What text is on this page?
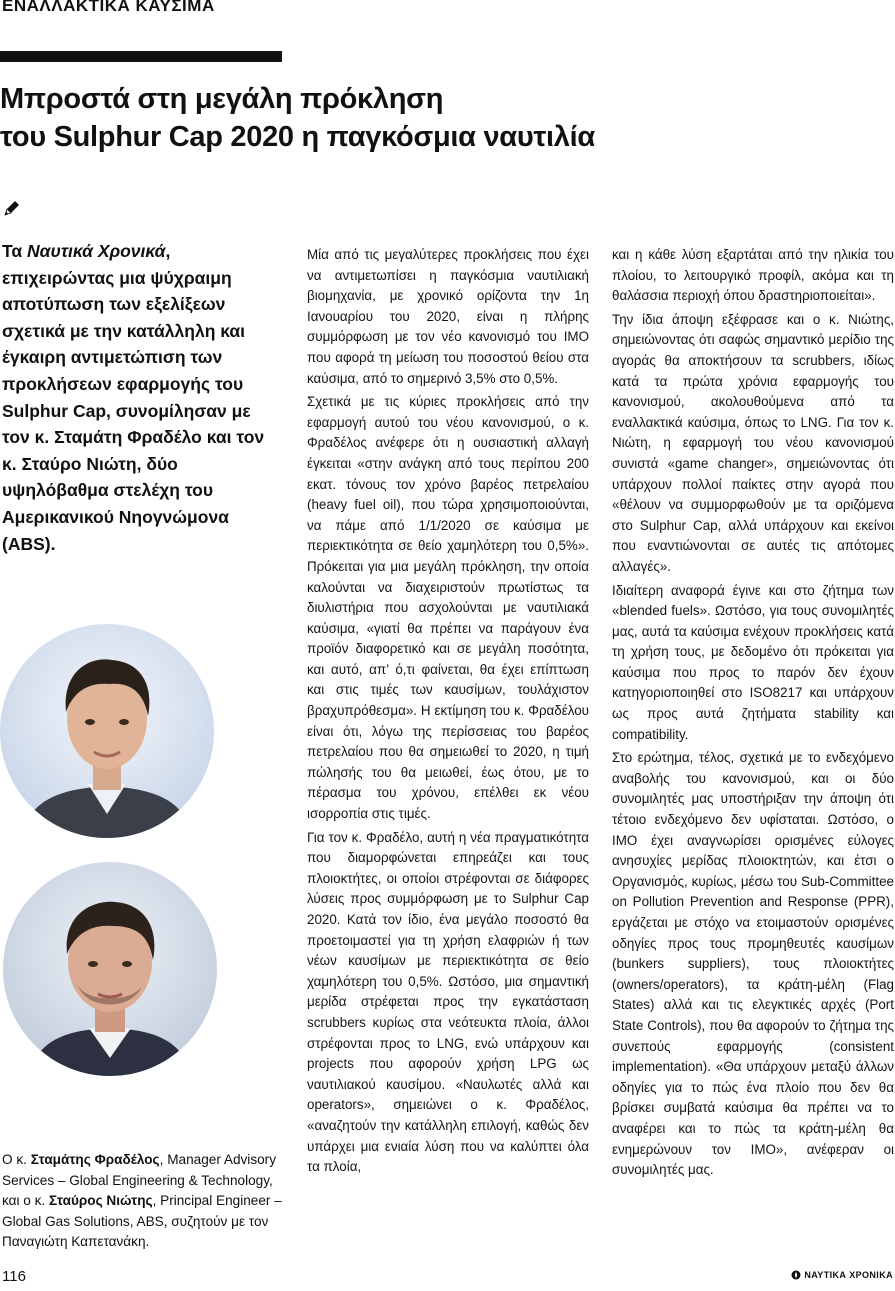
ΕΝΑΛΛΑΚΤΙΚΑ ΚΑΥΣΙΜΑ
Μπροστά στη μεγάλη πρόκληση
του Sulphur Cap 2020 η παγκόσμια ναυτιλία
Τα Ναυτικά Χρονικά, επιχειρώντας μια ψύχραιμη αποτύπωση των εξελίξεων σχετικά με την κατάλληλη και έγκαιρη αντιμετώπιση των προκλήσεων εφαρμογής του Sulphur Cap, συνομίλησαν με τον κ. Σταμάτη Φραδέλο και τον κ. Σταύρο Νιώτη, δύο υψηλόβαθμα στελέχη του Αμερικανικού Νηογνώμονα (ABS).
Ο κ. Σταμάτης Φραδέλος, Manager Advisory Services – Global Engineering & Technology, και ο κ. Σταύρος Νιώτης, Principal Engineer – Global Gas Solutions, ABS, συζητούν με τον Παναγιώτη Καπετανάκη.

Μία από τις μεγαλύτερες προκλήσεις που έχει να αντιμετωπίσει η παγκόσμια ναυτιλιακή βιομηχανία, με χρονικό ορίζοντα την 1η Ιανουαρίου του 2020, είναι η πλήρης συμμόρφωση με τον νέο κανονισμό του ΙΜΟ που αφορά τη μείωση του ποσοστού θείου στα καύσιμα, από το σημερινό 3,5% στο 0,5%.

Σχετικά με τις κύριες προκλήσεις από την εφαρμογή αυτού του νέου κανονισμού, ο κ. Φραδέλος ανέφερε ότι η ουσιαστική αλλαγή έγκειται «στην ανάγκη από τους περίπου 200 εκατ. τόνους τον χρόνο βαρέος πετρελαίου (heavy fuel oil), που τώρα χρησιμοποιούνται, να πάμε από 1/1/2020 σε καύσιμα με περιεκτικότητα σε θείο χαμηλότερη του 0,5%». Πρόκειται για μια μεγάλη πρόκληση, την οποία καλούνται να διαχειριστούν πρωτίστως τα διυλιστήρια που ασχολούνται με ναυτιλιακά καύσιμα, «γιατί θα πρέπει να παράγουν ένα προϊόν διαφορετικό και σε μεγάλη ποσότητα, και αυτό, απ’ ό,τι φαίνεται, θα έχει επίπτωση και στις τιμές των καυσίμων, τουλάχιστον βραχυπρόθεσμα». Η εκτίμηση του κ. Φραδέλου είναι ότι, λόγω της περίσσειας του βαρέος πετρελαίου που θα σημειωθεί το 2020, η τιμή πώλησής του θα μειωθεί, έως ότου, με το πέρασμα του χρόνου, επέλθει εκ νέου ισορροπία στις τιμές.

Για τον κ. Φραδέλο, αυτή η νέα πραγματικότητα που διαμορφώνεται επηρεάζει και τους πλοιοκτήτες, οι οποίοι στρέφονται σε διάφορες λύσεις προς συμμόρφωση με το Sulphur Cap 2020. Κατά τον ίδιο, ένα μεγάλο ποσοστό θα προετοιμαστεί για τη χρήση ελαφριών ή των νέων καυσίμων με περιεκτικότητα σε θείο χαμηλότερη του 0,5%. Ωστόσο, μια σημαντική μερίδα στρέφεται προς την εγκατάσταση scrubbers κυρίως στα νεότευκτα πλοία, άλλοι στρέφονται προς το LNG, ενώ υπάρχουν και projects που αφορούν χρήση LPG ως ναυτιλιακού καυσίμου. «Ναυλωτές αλλά και operators», σημειώνει ο κ. Φραδέλος, «αναζητούν την κατάλληλη επιλογή, καθώς δεν υπάρχει μια ενιαία λύση που να καλύπτει όλα τα πλοία,

και η κάθε λύση εξαρτάται από την ηλικία του πλοίου, το λειτουργικό προφίλ, ακόμα και τη θαλάσσια περιοχή όπου δραστηριοποιείται».

Την ίδια άποψη εξέφρασε και ο κ. Νιώτης, σημειώνοντας ότι σαφώς σημαντικό μερίδιο της αγοράς θα αποκτήσουν τα scrubbers, ιδίως κατά τα πρώτα χρόνια εφαρμογής του κανονισμού, ακολουθούμενα από τα εναλλακτικά καύσιμα, όπως το LNG. Για τον κ. Νιώτη, η εφαρμογή του νέου κανονισμού συνιστά «game changer», σημειώνοντας ότι υπάρχουν πολλοί παίκτες στην αγορά που «θέλουν να συμμορφωθούν με τα οριζόμενα στο Sulphur Cap, αλλά υπάρχουν και εκείνοι που εναντιώνονται σε αυτές τις απότομες αλλαγές».

Ιδιαίτερη αναφορά έγινε και στο ζήτημα των «blended fuels». Ωστόσο, για τους συνομιλητές μας, αυτά τα καύσιμα ενέχουν προκλήσεις κατά τη χρήση τους, με δεδομένο ότι πρόκειται για καύσιμα που προς το παρόν δεν έχουν κατηγοριοποιηθεί στο ISO8217 και υπάρχουν ως προς αυτά ζητήματα stability και compatibility.

Στο ερώτημα, τέλος, σχετικά με το ενδεχόμενο αναβολής του κανονισμού, και οι δύο συνομιλητές μας υποστήριξαν την άποψη ότι τέτοιο ενδεχόμενο δεν υφίσταται. Ωστόσο, ο ΙΜΟ έχει αναγνωρίσει ορισμένες εύλογες ανησυχίες μερίδας πλοιοκτητών, και έτσι ο Οργανισμός, κυρίως, μέσω του Sub-Committee on Pollution Prevention and Response (PPR), εργάζεται με στόχο να ετοιμαστούν ορισμένες οδηγίες προς τους προμηθευτές καυσίμων (bunkers suppliers), τους πλοιοκτήτες (owners/operators), τα κράτη-μέλη (Flag States) αλλά και τις ελεγκτικές αρχές (Port State Controls), που θα αφορούν το ζήτημα της συνεπούς εφαρμογής (consistent implementation). «Θα υπάρχουν μεταξύ άλλων οδηγίες για το πώς ένα πλοίο που δεν θα βρίσκει συμβατά καύσιμα θα πρέπει να το αναφέρει και το πώς τα κράτη-μέλη θα ενημερώνουν τον ΙΜΟ», ανέφεραν οι συνομιλητές μας.

116	ΝΑΥΤΙΚΑ ΧΡΟΝΙΚΑ
